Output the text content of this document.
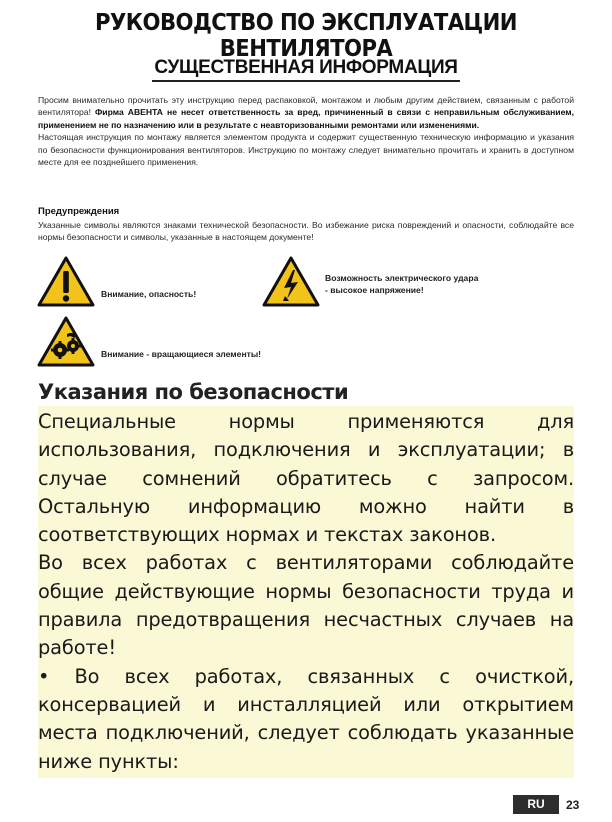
РУКОВОДСТВО ПО ЭКСПЛУАТАЦИИ ВЕНТИЛЯТОРА
СУЩЕСТВЕННАЯ ИНФОРМАЦИЯ

Просим внимательно прочитать эту инструкцию перед распаковкой, монтажом и любым другим действием, связанным с работой вентилятора! Фирма АВЕНТА не несет ответственность за вред, причиненный в связи с неправильным обслуживанием, применением не по назначению или в результате с неавторизованными ремонтами или изменениями.
Настоящая инструкция по монтажу является элементом продукта и содержит существенную техническую информацию и указания по безопасности функционирования вентиляторов. Инструкцию по монтажу следует внимательно прочитать и хранить в доступном месте для ее позднейшего применения.

Предупреждения

Указанные символы являются знаками технической безопасности. Во избежание риска повреждений и опасности, соблюдайте все нормы безопасности и символы, указанные в настоящем документе!

Внимание, опасность!
Возможность электрического удара
- высокое напряжение!
Внимание - вращающиеся элементы!
Указания по безопасности

Специальные нормы применяются для использования, подключения и эксплуатации; в случае сомнений обратитесь с запросом. Остальную информацию можно найти в соответствующих нормах и текстах законов.

Во всех работах с вентиляторами соблюдайте общие действующие нормы безопасности труда и правила предотвращения несчастных случаев на работе!

• Во всех работах, связанных с очисткой, консервацией и инсталляцией или открытием места подключений, следует соблюдать указанные ниже пункты:

RU	23
